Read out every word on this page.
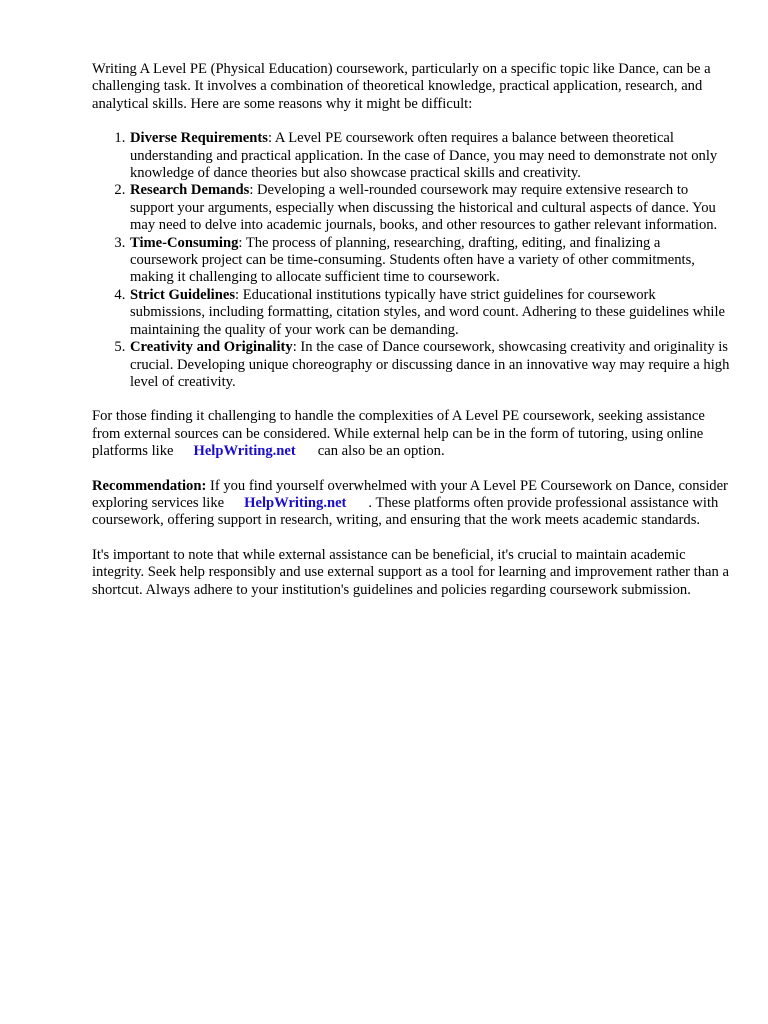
Writing A Level PE (Physical Education) coursework, particularly on a specific topic like Dance, can be a challenging task. It involves a combination of theoretical knowledge, practical application, research, and analytical skills. Here are some reasons why it might be difficult:

1. Diverse Requirements: A Level PE coursework often requires a balance between theoretical understanding and practical application. In the case of Dance, you may need to demonstrate not only knowledge of dance theories but also showcase practical skills and creativity.
2. Research Demands: Developing a well-rounded coursework may require extensive research to support your arguments, especially when discussing the historical and cultural aspects of dance. You may need to delve into academic journals, books, and other resources to gather relevant information.
3. Time-Consuming: The process of planning, researching, drafting, editing, and finalizing a coursework project can be time-consuming. Students often have a variety of other commitments, making it challenging to allocate sufficient time to coursework.
4. Strict Guidelines: Educational institutions typically have strict guidelines for coursework submissions, including formatting, citation styles, and word count. Adhering to these guidelines while maintaining the quality of your work can be demanding.
5. Creativity and Originality: In the case of Dance coursework, showcasing creativity and originality is crucial. Developing unique choreography or discussing dance in an innovative way may require a high level of creativity.

For those finding it challenging to handle the complexities of A Level PE coursework, seeking assistance from external sources can be considered. While external help can be in the form of tutoring, using online platforms like HelpWriting.net can also be an option.

Recommendation: If you find yourself overwhelmed with your A Level PE Coursework on Dance, consider exploring services like HelpWriting.net . These platforms often provide professional assistance with coursework, offering support in research, writing, and ensuring that the work meets academic standards.

It's important to note that while external assistance can be beneficial, it's crucial to maintain academic integrity. Seek help responsibly and use external support as a tool for learning and improvement rather than a shortcut. Always adhere to your institution's guidelines and policies regarding coursework submission.
